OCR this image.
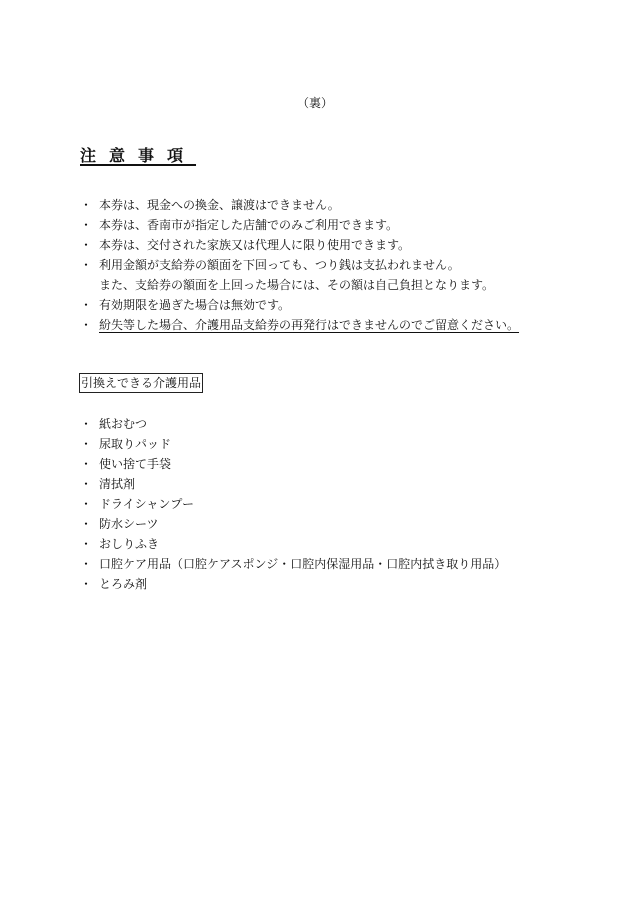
（裏）
注意事項
・ 本券は、現金への換金、譲渡はできません。
・ 本券は、香南市が指定した店舗でのみご利用できます。
・ 本券は、交付された家族又は代理人に限り使用できます。
・ 利用金額が支給券の額面を下回っても、つり銭は支払われません。
また、支給券の額面を上回った場合には、その額は自己負担となります。
・ 有効期限を過ぎた場合は無効です。
・ 紛失等した場合、介護用品支給券の再発行はできませんのでご留意ください。
引換えできる介護用品
・ 紙おむつ
・ 尿取りパッド
・ 使い捨て手袋
・ 清拭剤
・ ドライシャンプー
・ 防水シーツ
・ おしりふき
・ 口腔ケア用品（口腔ケアスポンジ・口腔内保湿用品・口腔内拭き取り用品）
・ とろみ剤
